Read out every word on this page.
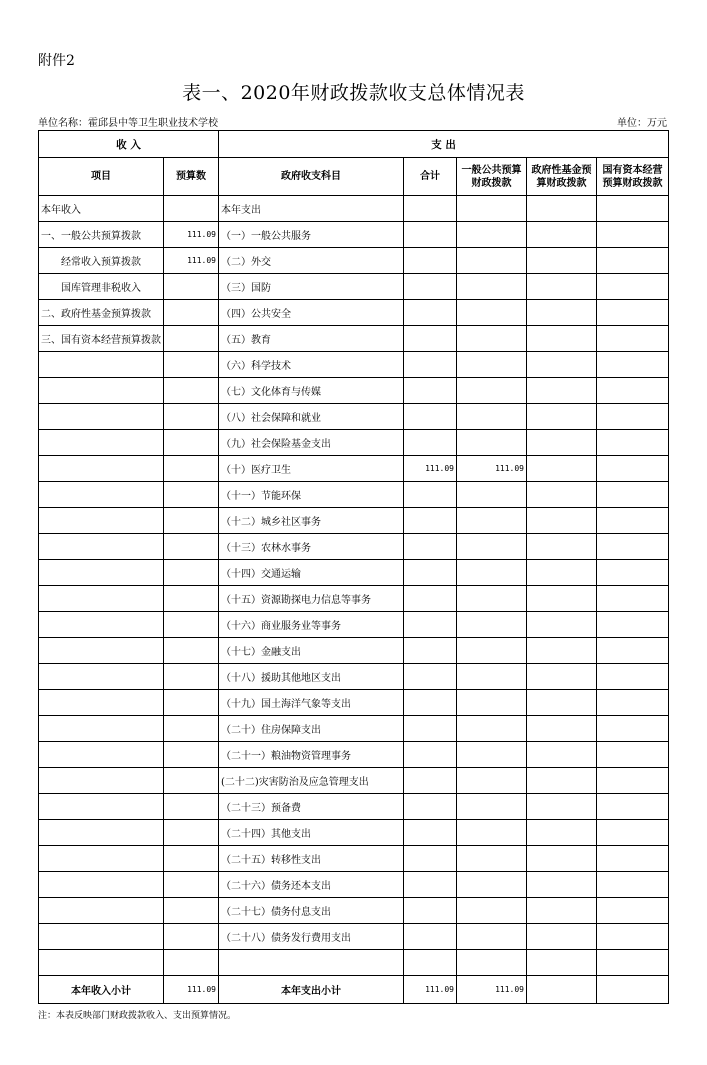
附件2
表一、2020年财政拨款收支总体情况表
单位名称：霍邱县中等卫生职业技术学校	单位：万元
收 入		支 出				
项目	预算数	政府收支科目	合计	一般公共预算财政拨款	政府性基金预算财政拨款	国有资本经营预算财政拨款
本年收入		本年支出				
一、一般公共预算拨款	111.09	（一）一般公共服务				
经常收入预算拨款	111.09	（二）外交				
国库管理非税收入		（三）国防				
二、政府性基金预算拨款		（四）公共安全				
三、国有资本经营预算拨款		（五）教育				
		（六）科学技术				
		（七）文化体育与传媒				
		（八）社会保障和就业				
		（九）社会保险基金支出				
		（十）医疗卫生	111.09	111.09		
		（十一）节能环保				
		（十二）城乡社区事务				
		（十三）农林水事务				
		（十四）交通运输				
		（十五）资源勘探电力信息等事务				
		（十六）商业服务业等事务				
		（十七）金融支出				
		（十八）援助其他地区支出				
		（十九）国土海洋气象等支出				
		（二十）住房保障支出				
		（二十一）粮油物资管理事务				
		(二十二)灾害防治及应急管理支出				
		（二十三）预备费				
		（二十四）其他支出				
		（二十五）转移性支出				
		（二十六）债务还本支出				
		（二十七）债务付息支出				
		（二十八）债务发行费用支出				

本年收入小计	111.09	本年支出小计	111.09	111.09		
注：本表反映部门财政拨款收入、支出预算情况。
